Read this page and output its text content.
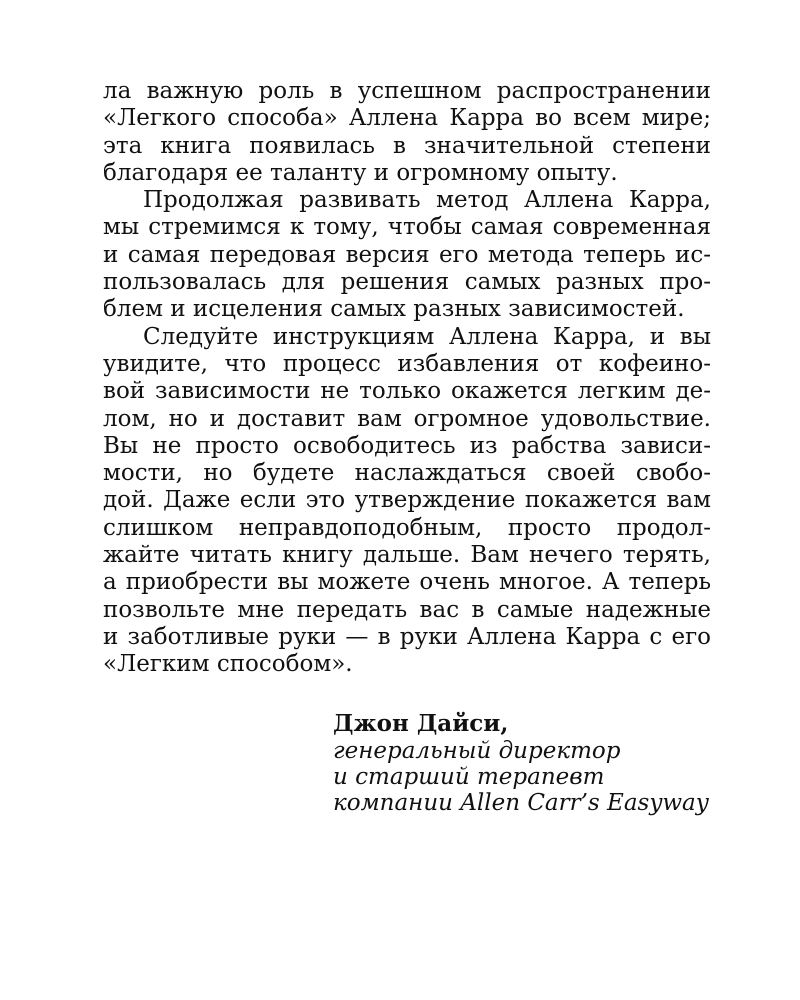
ла важную роль в успешном распространении
«Легкого способа» Аллена Карра во всем мире;
эта книга появилась в значительной степени
благодаря ее таланту и огромному опыту.
Продолжая развивать метод Аллена Карра,
мы стремимся к тому, чтобы самая современная
и самая передовая версия его метода теперь ис-
пользовалась для решения самых разных про-
блем и исцеления самых разных зависимостей.
Следуйте инструкциям Аллена Карра, и вы
увидите, что процесс избавления от кофеино-
вой зависимости не только окажется легким де-
лом, но и доставит вам огромное удовольствие.
Вы не просто освободитесь из рабства зависи-
мости, но будете наслаждаться своей свобо-
дой. Даже если это утверждение покажется вам
слишком неправдоподобным, просто продол-
жайте читать книгу дальше. Вам нечего терять,
а приобрести вы можете очень многое. А теперь
позвольте мне передать вас в самые надежные
и заботливые руки — в руки Аллена Карра с его
«Легким способом».
Джон Дайси,
генеральный директор
и старший терапевт
компании Allen Carr’s Easyway
